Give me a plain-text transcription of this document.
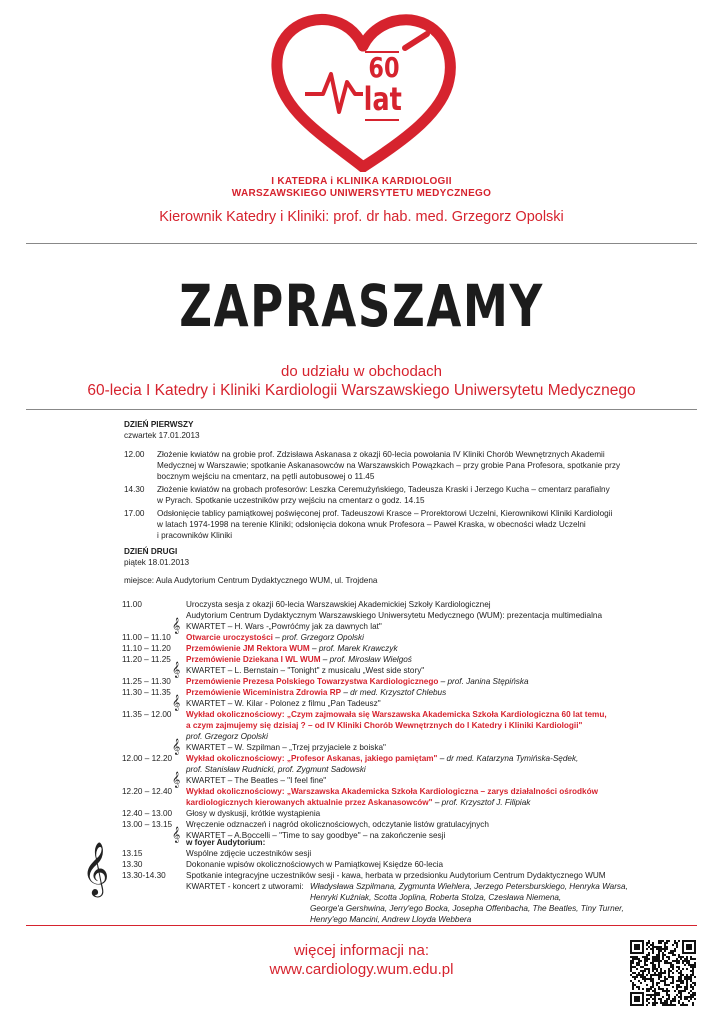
60
lat
I KATEDRA i KLINIKA KARDIOLOGII
WARSZAWSKIEGO UNIWERSYTETU MEDYCZNEGO
Kierownik Katedry i Kliniki: prof. dr hab. med. Grzegorz Opolski
ZAPRASZAMY
do udziału w obchodach
60-lecia I Katedry i Kliniki Kardiologii Warszawskiego Uniwersytetu Medycznego
DZIEŃ PIERWSZY
czwartek 17.01.2013
12.00	Złożenie kwiatów na grobie prof. Zdzisława Askanasa z okazji 60-lecia powołania IV Kliniki Chorób Wewnętrznych Akademii
Medycznej w Warszawie; spotkanie Askanasowców na Warszawskich Powązkach – przy grobie Pana Profesora, spotkanie przy
bocznym wejściu na cmentarz, na pętli autobusowej o 11.45
14.30	Złożenie kwiatów na grobach profesorów: Leszka Ceremużyńskiego, Tadeusza Kraski i Jerzego Kucha – cmentarz parafialny
w Pyrach. Spotkanie uczestników przy wejściu na cmentarz o godz. 14.15
17.00	Odsłonięcie tablicy pamiątkowej poświęconej prof. Tadeuszowi Krasce – Prorektorowi Uczelni, Kierownikowi Kliniki Kardiologii
w latach 1974-1998 na terenie Kliniki; odsłonięcia dokona wnuk Profesora – Paweł Kraska, w obecności władz Uczelni
i pracowników Kliniki
DZIEŃ DRUGI
piątek 18.01.2013
miejsce: Aula Audytorium Centrum Dydaktycznego WUM, ul. Trojdena
11.00	Uroczysta sesja z okazji 60-lecia Warszawskiej Akademickiej Szkoły Kardiologicznej
Audytorium Centrum Dydaktycznym Warszawskiego Uniwersytetu Medycznego (WUM): prezentacja multimedialna
KWARTET – H. Wars -„Powróćmy jak za dawnych lat"
𝄞
11.00 – 11.10	Otwarcie uroczystości – prof. Grzegorz Opolski
11.10 – 11.20	Przemówienie JM Rektora WUM – prof. Marek Krawczyk
11.20 – 11.25	Przemówienie Dziekana I WL WUM – prof. Mirosław Wielgoś
KWARTET – L. Bernstain – "Tonight" z musicalu „West side story"
𝄞
11.25 – 11.30	Przemówienie Prezesa Polskiego Towarzystwa Kardiologicznego – prof. Janina Stępińska
11.30 – 11.35	Przemówienie Wiceministra Zdrowia RP – dr med. Krzysztof Chlebus
KWARTET – W. Kilar - Polonez z filmu „Pan Tadeusz"
𝄞
11.35 – 12.00	Wykład okolicznościowy: „Czym zajmowała się Warszawska Akademicka Szkoła Kardiologiczna 60 lat temu,
a czym zajmujemy się dzisiaj ? – od IV Kliniki Chorób Wewnętrznych do I Katedry i Kliniki Kardiologii"
prof. Grzegorz Opolski
KWARTET – W. Szpilman – „Trzej przyjaciele z boiska"
𝄞
12.00 – 12.20	Wykład okolicznościowy: „Profesor Askanas, jakiego pamiętam" – dr med. Katarzyna Tymińska-Sędek,
prof. Stanisław Rudnicki, prof. Zygmunt Sadowski
KWARTET – The Beatles – "I feel fine"
𝄞
12.20 – 12.40	Wykład okolicznościowy: „Warszawska Akademicka Szkoła Kardiologiczna – zarys działalności ośrodków
kardiologicznych kierowanych aktualnie przez Askanasowców" – prof. Krzysztof J. Filipiak
12.40 – 13.00	Głosy w dyskusji, krótkie wystąpienia
13.00 – 13.15	Wręczenie odznaczeń i nagród okolicznościowych, odczytanie listów gratulacyjnych
KWARTET – A.Boccelli – "Time to say goodbye" – na zakończenie sesji
𝄞
w foyer Audytorium:
13.15	Wspólne zdjęcie uczestników sesji
13.30	Dokonanie wpisów okolicznościowych w Pamiątkowej Księdze 60-lecia
13.30-14.30	Spotkanie integracyjne uczestników sesji - kawa, herbata w przedsionku Audytorium Centrum Dydaktycznego WUM
KWARTET - koncert z utworami: Władysława Szpilmana, Zygmunta Wiehlera, Jerzego Petersburskiego, Henryka Warsa,
Henryki Kuźniak, Scotta Joplina, Roberta Stolza, Czesława Niemena,
George'a Gershwina, Jerry'ego Bocka, Josepha Offenbacha, The Beatles, Tiny Turner,
Henry'ego Mancini, Andrew Lloyda Webbera
𝄞
więcej informacji na:
www.cardiology.wum.edu.pl
